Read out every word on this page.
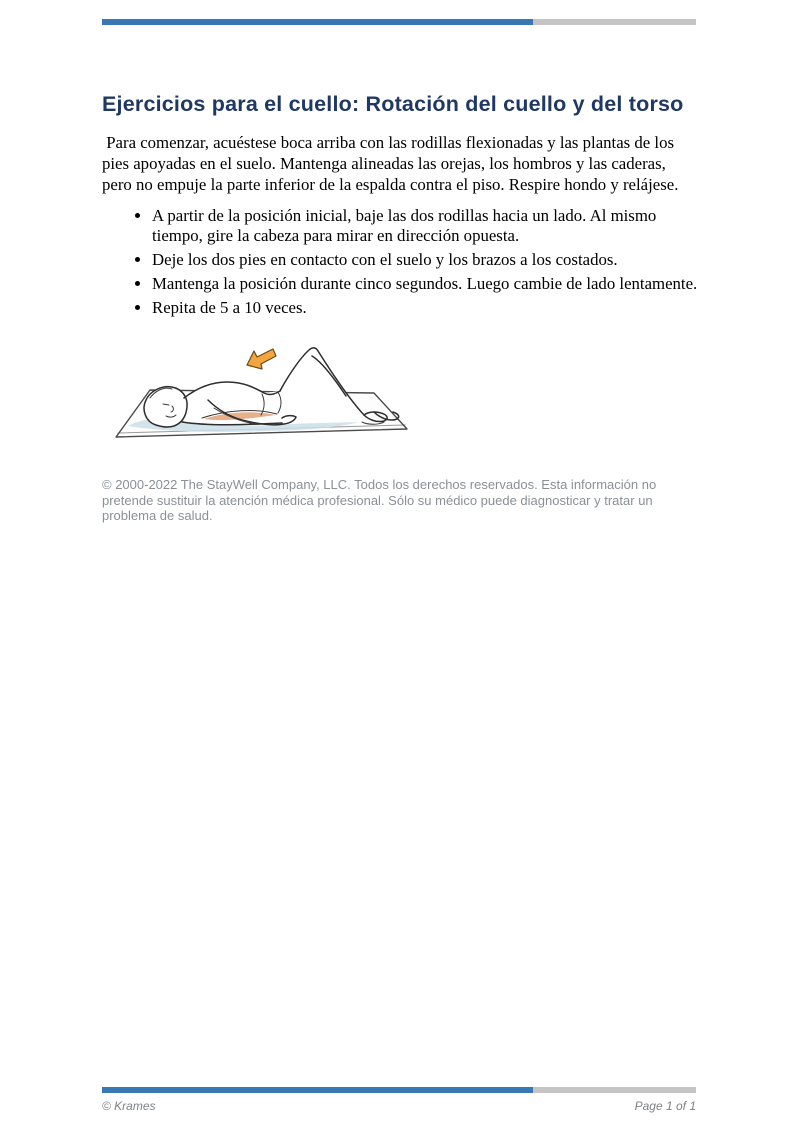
Ejercicios para el cuello: Rotación del cuello y del torso

Para comenzar, acuéstese boca arriba con las rodillas flexionadas y las plantas de los pies apoyadas en el suelo. Mantenga alineadas las orejas, los hombros y las caderas, pero no empuje la parte inferior de la espalda contra el piso. Respire hondo y relájese.

• A partir de la posición inicial, baje las dos rodillas hacia un lado. Al mismo tiempo, gire la cabeza para mirar en dirección opuesta.
• Deje los dos pies en contacto con el suelo y los brazos a los costados.
• Mantenga la posición durante cinco segundos. Luego cambie de lado lentamente.
• Repita de 5 a 10 veces.

© 2000-2022 The StayWell Company, LLC. Todos los derechos reservados. Esta información no pretende sustituir la atención médica profesional. Sólo su médico puede diagnosticar y tratar un problema de salud.

© Krames	Page 1 of 1
